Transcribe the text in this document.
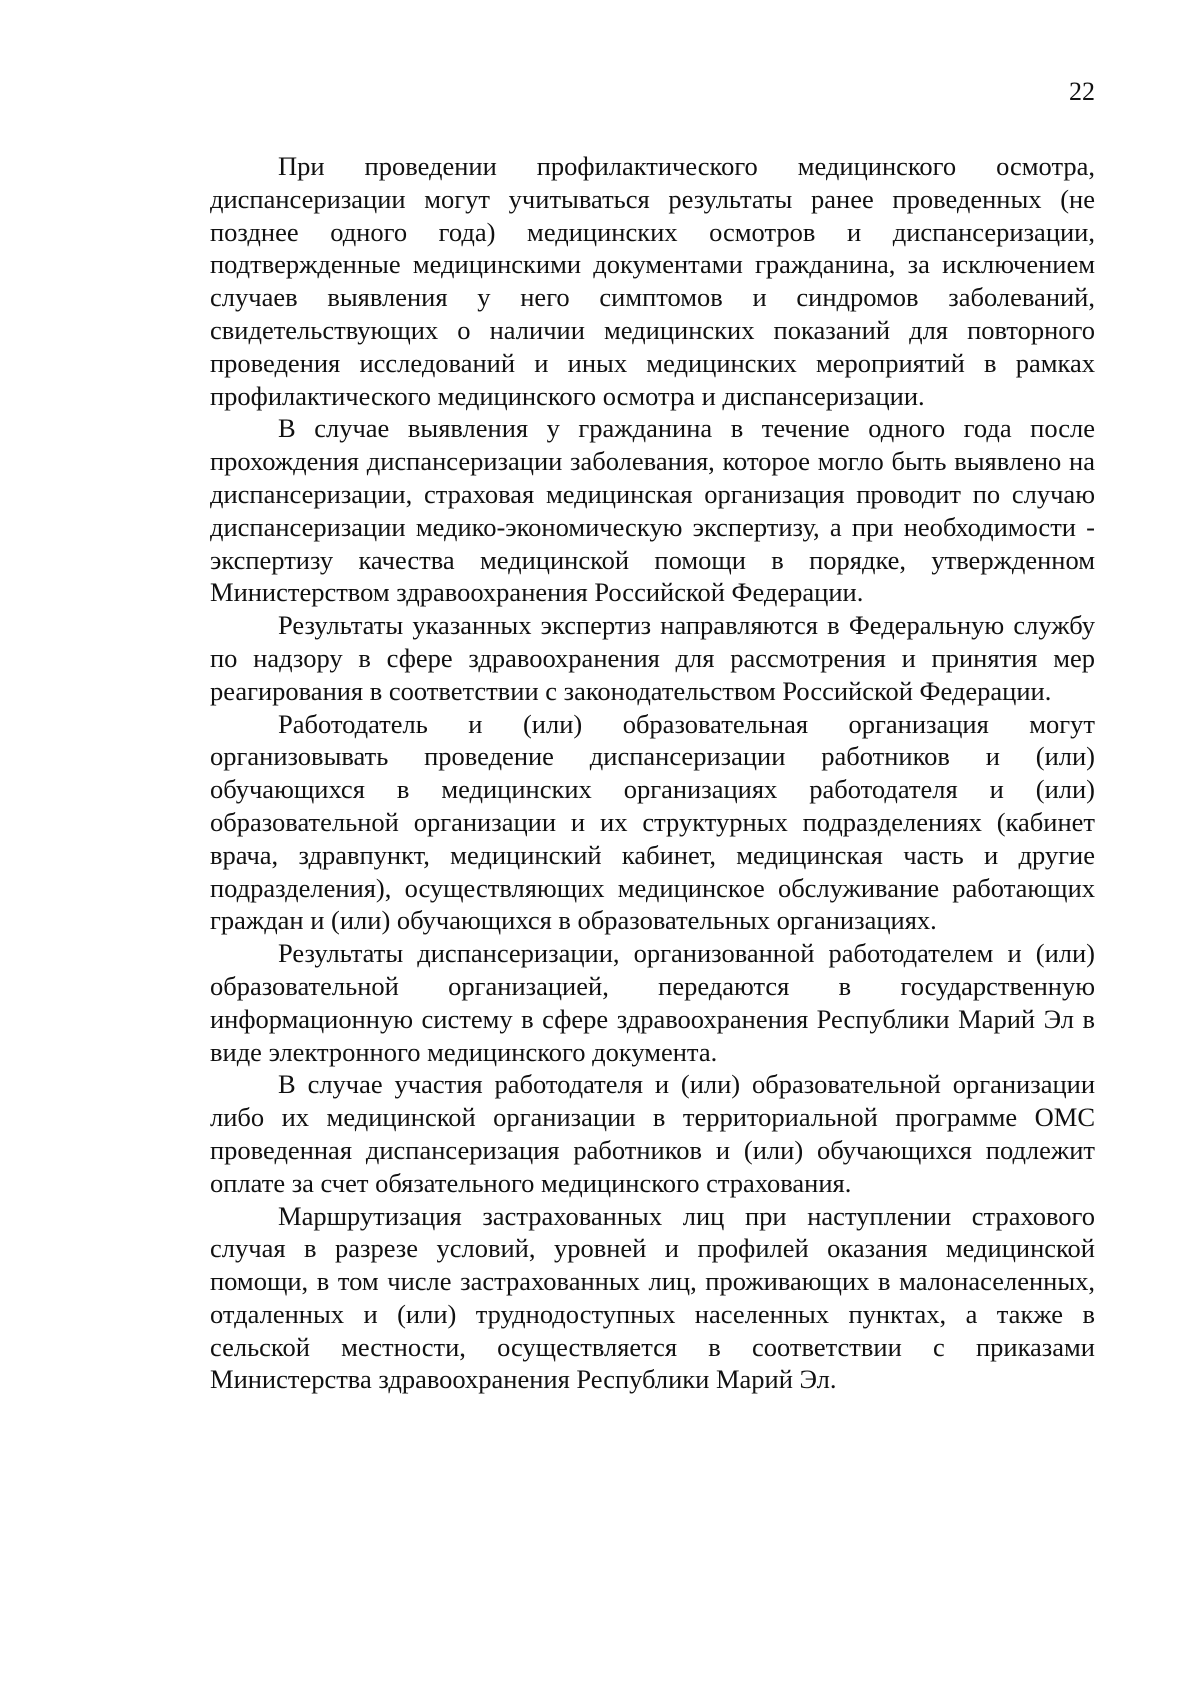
22

При проведении профилактического медицинского осмотра, диспансеризации могут учитываться результаты ранее проведенных (не позднее одного года) медицинских осмотров и диспансеризации, подтвержденные медицинскими документами гражданина, за исключением случаев выявления у него симптомов и синдромов заболеваний, свидетельствующих о наличии медицинских показаний для повторного проведения исследований и иных медицинских мероприятий в рамках профилактического медицинского осмотра и диспансеризации.

В случае выявления у гражданина в течение одного года после прохождения диспансеризации заболевания, которое могло быть выявлено на диспансеризации, страховая медицинская организация проводит по случаю диспансеризации медико-экономическую экспертизу, а при необходимости - экспертизу качества медицинской помощи в порядке, утвержденном Министерством здравоохранения Российской Федерации.

Результаты указанных экспертиз направляются в Федеральную службу по надзору в сфере здравоохранения для рассмотрения и принятия мер реагирования в соответствии с законодательством Российской Федерации.

Работодатель и (или) образовательная организация могут организовывать проведение диспансеризации работников и (или) обучающихся в медицинских организациях работодателя и (или) образовательной организации и их структурных подразделениях (кабинет врача, здравпункт, медицинский кабинет, медицинская часть и другие подразделения), осуществляющих медицинское обслуживание работающих граждан и (или) обучающихся в образовательных организациях.

Результаты диспансеризации, организованной работодателем и (или) образовательной организацией, передаются в государственную информационную систему в сфере здравоохранения Республики Марий Эл в виде электронного медицинского документа.

В случае участия работодателя и (или) образовательной организации либо их медицинской организации в территориальной программе ОМС проведенная диспансеризация работников и (или) обучающихся подлежит оплате за счет обязательного медицинского страхования.

Маршрутизация застрахованных лиц при наступлении страхового случая в разрезе условий, уровней и профилей оказания медицинской помощи, в том числе застрахованных лиц, проживающих в малонаселенных, отдаленных и (или) труднодоступных населенных пунктах, а также в сельской местности, осуществляется в соответствии с приказами Министерства здравоохранения Республики Марий Эл.
